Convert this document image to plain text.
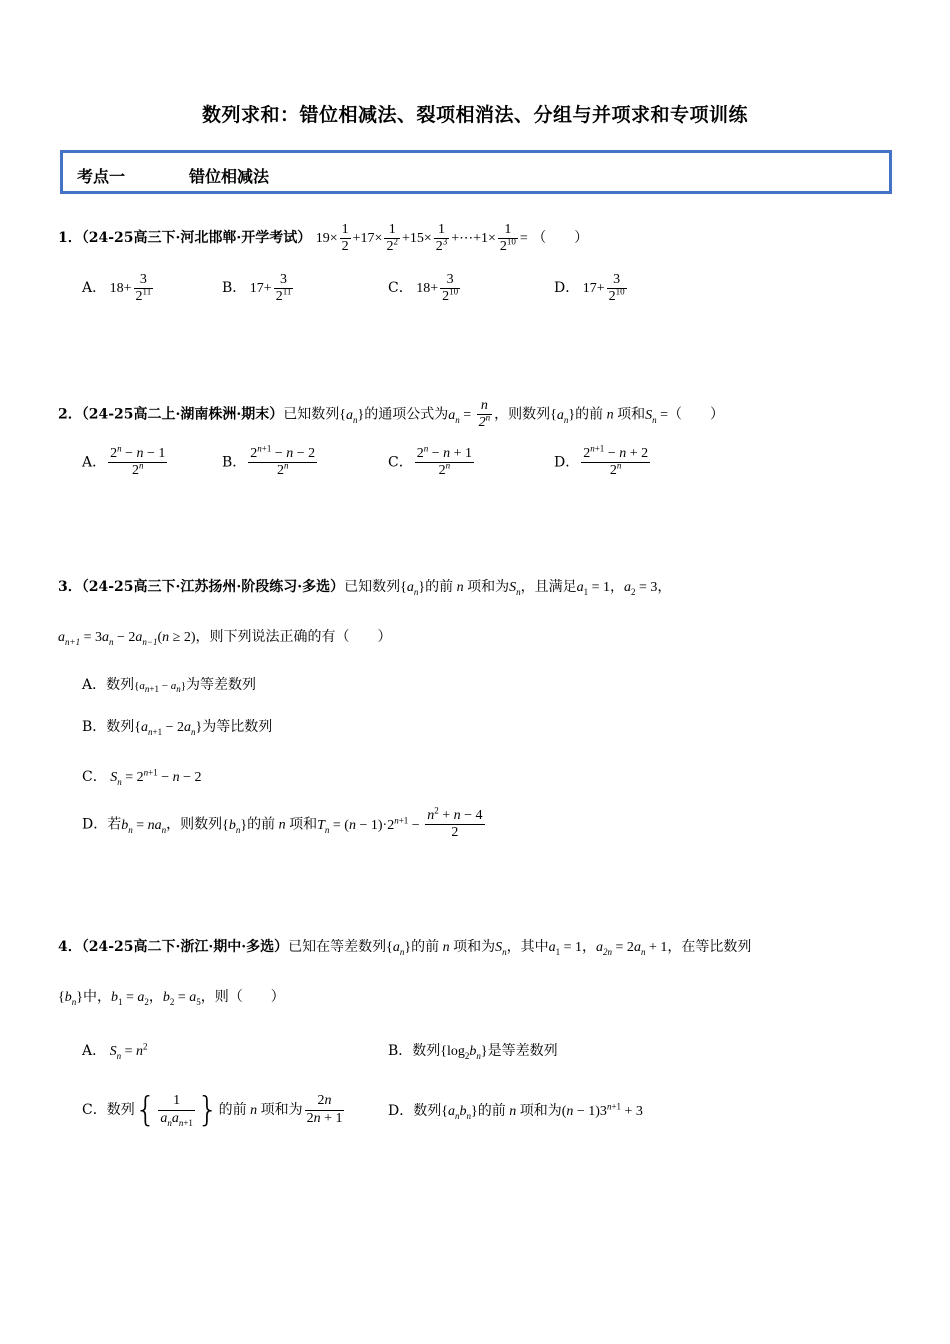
数列求和：错位相减法、裂项相消法、分组与并项求和专项训练
考点一	错位相减法
1．（24-25高三下·河北邯郸·开学考试） $19\times \frac{1}{2} +17\times \frac{1}{2^2} +15\times \frac{1}{2^3}$ +⋯+1× $\frac{1}{2^{10}}$ = （　　）
A． $18+ \frac{3}{2^{11}}$	B． $17+ \frac{3}{2^{11}}$	C． $18+ \frac{3}{2^{10}}$	D． $17+ \frac{3}{2^{10}}$
2．（24-25高二上·湖南株洲·期末）已知数列$\{a_n\}$的通项公式为$a_n = \frac{n}{2^n}$ ，则数列$\{a_n\}$的前 n 项和$S_n$ =（　　）
A． $\frac{2^n - n - 1}{2^n}$	B． $\frac{2^{n+1} - n - 2}{2^n}$	C． $\frac{2^n - n + 1}{2^n}$	D． $\frac{2^{n+1} - n + 2}{2^n}$
3．（24-25高三下·江苏扬州·阶段练习·多选）已知数列$\{a_n\}$的前 n 项和为$S_n$，且满足$a_1 = 1$，$a_2 = 3$，
$a_{n+1} = 3a_n - 2a_{n-1}(n \ge 2)$，则下列说法正确的有（　　）
A．数列$\{a_{n+1} - a_n\}$为等差数列
B．数列$\{a_{n+1} - 2a_n\}$为等比数列
C． $S_n = 2^{n+1} - n - 2$
D．若$b_n = na_n$，则数列$\{b_n\}$的前 n 项和$T_n = (n - 1)\cdot 2^{n+1} - \frac{n^2 + n - 4}{2}$
4．（24-25高二下·浙江·期中·多选）已知在等差数列$\{a_n\}$的前 n 项和为$S_n$，其中$a_1 = 1$，$a_{2n} = 2a_n + 1$，在等比数列
$\{b_n\}$中，$b_1 = a_2$，$b_2 = a_5$，则（　　）
A． $S_n = n^2$	B．数列$\{\log_2b_n\}$是等差数列
C．数列{ $\frac{1}{a_na_{n+1}}$ }的前 n 项和为 $\frac{2n}{2n + 1}$	D．数列$\{a_nb_n\}$的前 n 项和为$(n - 1)3^{n+1} + 3$
